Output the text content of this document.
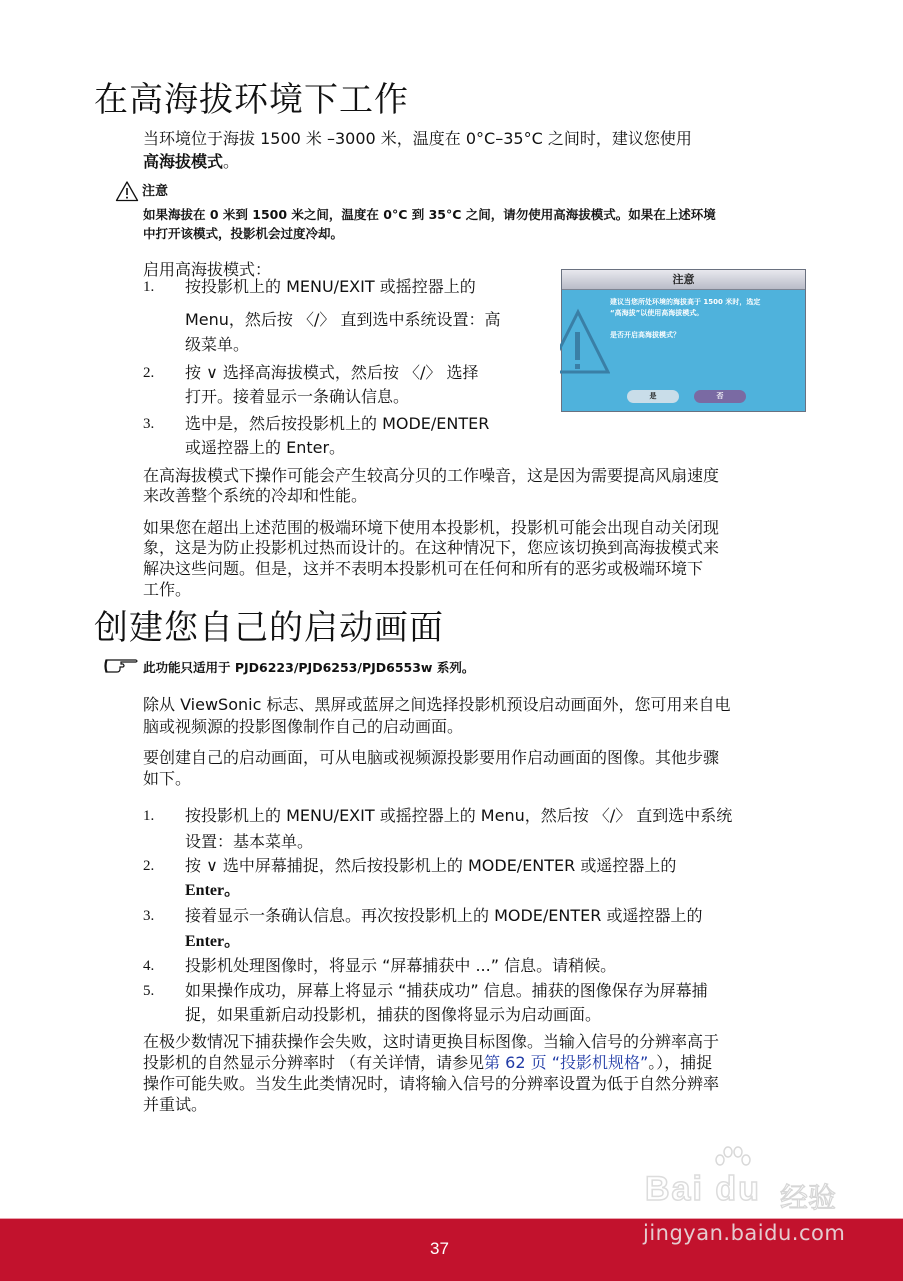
在高海拔环境下工作
当环境位于海拔 1500 米 –3000 米，温度在 0°C–35°C 之间时，建议您使用
高海拔模式。
注意
如果海拔在 0 米到 1500 米之间，温度在 0°C 到 35°C 之间，请勿使用高海拔模式。如果在上述环境
中打开该模式，投影机会过度冷却。
启用高海拔模式：
1. 按投影机上的 MENU/EXIT 或摇控器上的
Menu，然后按 〈/〉 直到选中系统设置：高
级菜单。
2. 按 ∨ 选择高海拔模式，然后按 〈/〉 选择
打开。接着显示一条确认信息。
3. 选中是，然后按投影机上的 MODE/ENTER
或遥控器上的 Enter。
注意
建议当您所处环境的海拔高于 1500 米时，选定
“高海拔”以使用高海拔模式。
是否开启高海拔模式？
是	否
在高海拔模式下操作可能会产生较高分贝的工作噪音，这是因为需要提高风扇速度
来改善整个系统的冷却和性能。
如果您在超出上述范围的极端环境下使用本投影机，投影机可能会出现自动关闭现
象，这是为防止投影机过热而设计的。在这种情况下，您应该切换到高海拔模式来
解决这些问题。但是，这并不表明本投影机可在任何和所有的恶劣或极端环境下
工作。
创建您自己的启动画面
此功能只适用于 PJD6223/PJD6253/PJD6553w 系列。
除从 ViewSonic 标志、黑屏或蓝屏之间选择投影机预设启动画面外，您可用来自电
脑或视频源的投影图像制作自己的启动画面。
要创建自己的启动画面，可从电脑或视频源投影要用作启动画面的图像。其他步骤
如下。
1. 按投影机上的 MENU/EXIT 或摇控器上的 Menu，然后按 〈/〉 直到选中系统
设置：基本菜单。
2. 按 ∨ 选中屏幕捕捉，然后按投影机上的 MODE/ENTER 或遥控器上的
Enter。
3. 接着显示一条确认信息。再次按投影机上的 MODE/ENTER 或遥控器上的
Enter。
4. 投影机处理图像时，将显示 “屏幕捕获中 ...” 信息。请稍候。
5. 如果操作成功，屏幕上将显示 “捕获成功” 信息。捕获的图像保存为屏幕捕
捉，如果重新启动投影机，捕获的图像将显示为启动画面。
在极少数情况下捕获操作会失败，这时请更换目标图像。当输入信号的分辨率高于
投影机的自然显示分辨率时 （有关详情，请参见第 62 页 “投影机规格”。），捕捉
操作可能失败。当发生此类情况时，请将输入信号的分辨率设置为低于自然分辨率
并重试。
37
Bai du 经验
jingyan.baidu.com
